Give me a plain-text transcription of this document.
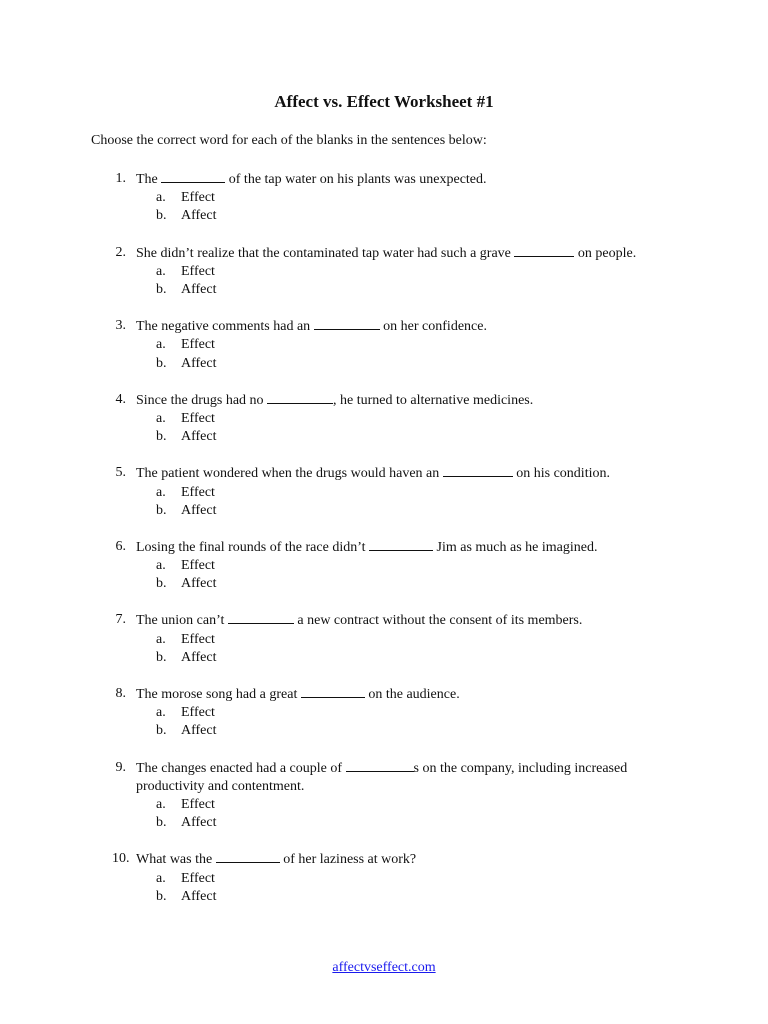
Affect vs. Effect Worksheet #1
Choose the correct word for each of the blanks in the sentences below:
1. The	of the tap water on his plants was unexpected.
a. Effect
b. Affect
2. She didn’t realize that the contaminated tap water had such a grave	on people.
a. Effect
b. Affect
3. The negative comments had an	on her confidence.
a. Effect
b. Affect
4. Since the drugs had no	, he turned to alternative medicines.
a. Effect
b. Affect
5. The patient wondered when the drugs would haven an	on his condition.
a. Effect
b. Affect
6. Losing the final rounds of the race didn’t	Jim as much as he imagined.
a. Effect
b. Affect
7. The union can’t	a new contract without the consent of its members.
a. Effect
b. Affect
8. The morose song had a great	on the audience.
a. Effect
b. Affect
9. The changes enacted had a couple of	s on the company, including increased productivity and contentment.
a. Effect
b. Affect
10. What was the	of her laziness at work?
a. Effect
b. Affect
affectvseffect.com
